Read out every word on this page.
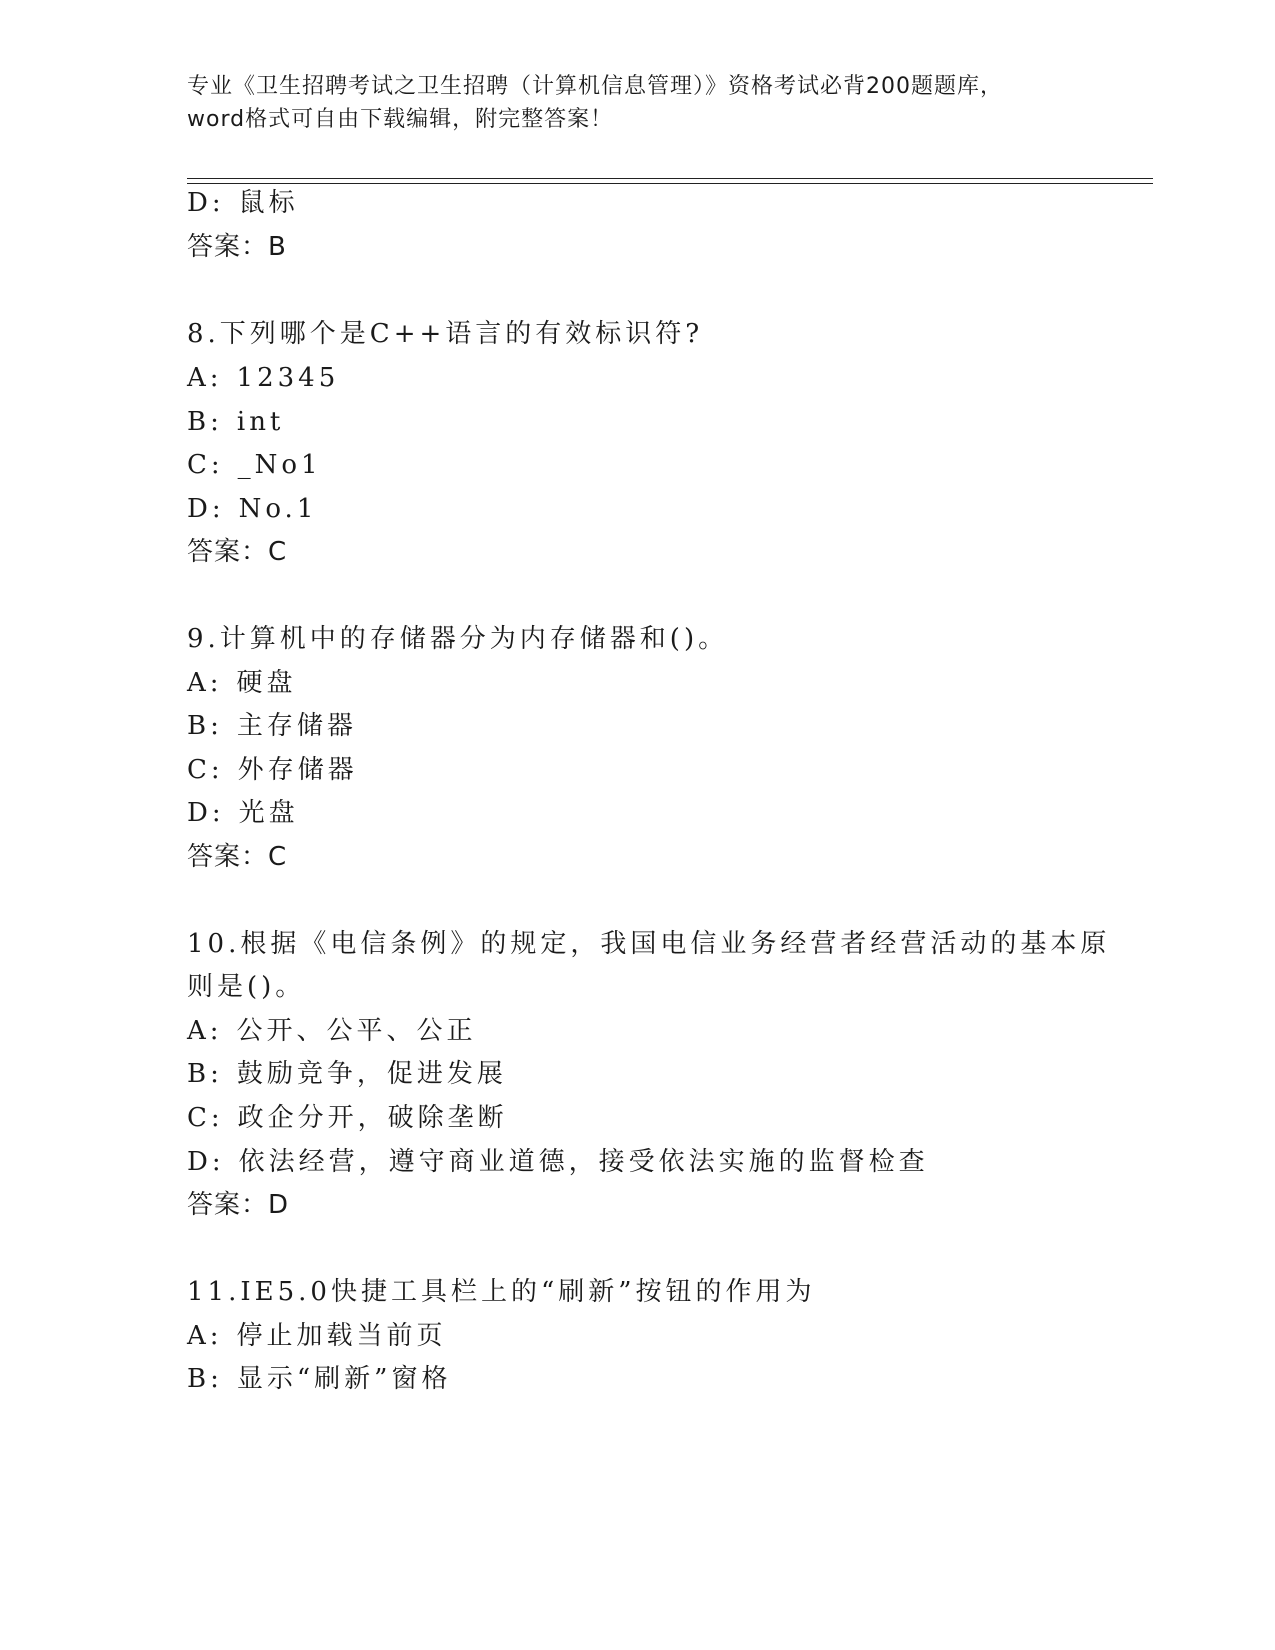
专业《卫生招聘考试之卫生招聘（计算机信息管理）》资格考试必背200题题库，
word格式可自由下载编辑，附完整答案！
D: 鼠标
答案：B
8.下列哪个是C++语言的有效标识符?
A: 12345
B: int
C: _No1
D: No.1
答案：C
9.计算机中的存储器分为内存储器和()。
A: 硬盘
B: 主存储器
C: 外存储器
D: 光盘
答案：C
10.根据《电信条例》的规定，我国电信业务经营者经营活动的基本原
则是()。
A: 公开、公平、公正
B: 鼓励竞争，促进发展
C: 政企分开，破除垄断
D: 依法经营，遵守商业道德，接受依法实施的监督检查
答案：D
11.IE5.0快捷工具栏上的“刷新”按钮的作用为
A: 停止加载当前页
B: 显示“刷新”窗格
